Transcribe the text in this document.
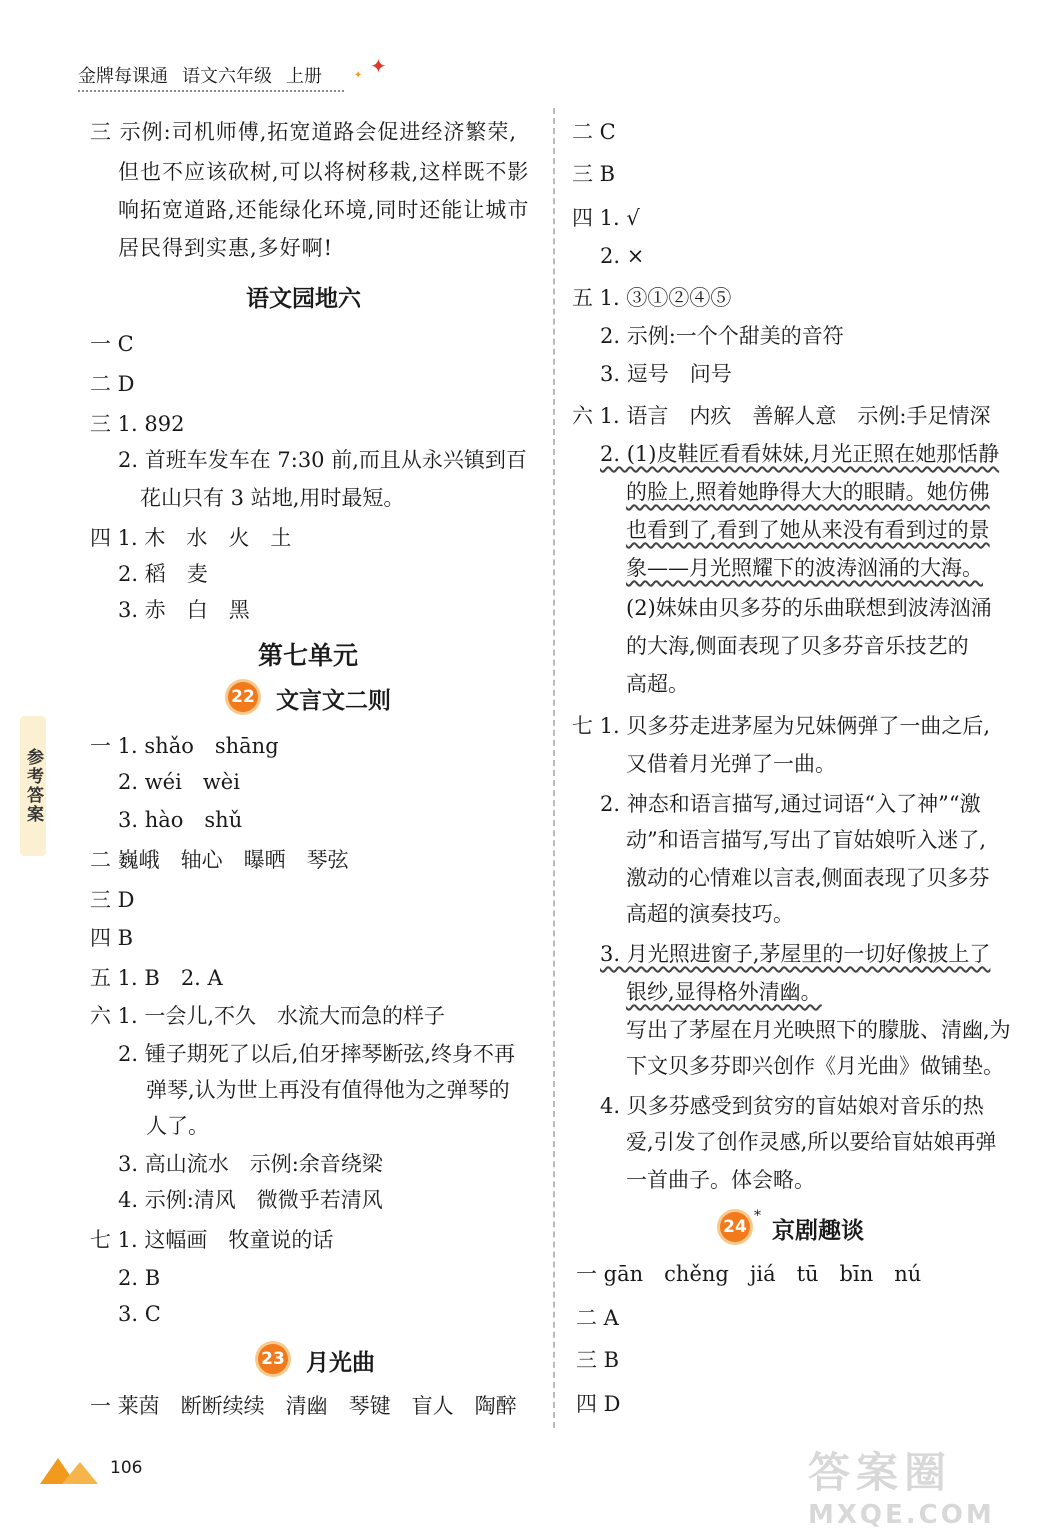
金牌每课通 语文六年级 上册	✦ ✦
参考答案
三 示例:司机师傅,拓宽道路会促进经济繁荣,
但也不应该砍树,可以将树移栽,这样既不影
响拓宽道路,还能绿化环境,同时还能让城市
居民得到实惠,多好啊!
语文园地六
一 C
二 D
三 1. 892
2. 首班车发车在 7:30 前,而且从永兴镇到百
花山只有 3 站地,用时最短。
四 1. 木　水　火　土
2. 稻　麦
3. 赤　白　黑
第七单元
22 文言文二则
一 1. shǎo　shāng
2. wéi　wèi
3. hào　shǔ
二 巍峨　轴心　曝晒　琴弦
三 D
四 B
五 1. B　2. A
六 1. 一会儿,不久　水流大而急的样子
2. 锺子期死了以后,伯牙摔琴断弦,终身不再
弹琴,认为世上再没有值得他为之弹琴的
人了。
3. 高山流水　示例:余音绕梁
4. 示例:清风　微微乎若清风
七 1. 这幅画　牧童说的话
2. B
3. C
23 月光曲
一 莱茵　断断续续　清幽　琴键　盲人　陶醉
二 C
三 B
四 1. √
2. ×
五 1. ③①②④⑤
2. 示例:一个个甜美的音符
3. 逗号　问号
六 1. 语言　内疚　善解人意　示例:手足情深
2. (1)皮鞋匠看看妹妹,月光正照在她那恬静
的脸上,照着她睁得大大的眼睛。她仿佛
也看到了,看到了她从来没有看到过的景
象——月光照耀下的波涛汹涌的大海。
(2)妹妹由贝多芬的乐曲联想到波涛汹涌
的大海,侧面表现了贝多芬音乐技艺的
高超。
七 1. 贝多芬走进茅屋为兄妹俩弹了一曲之后,
又借着月光弹了一曲。
2. 神态和语言描写,通过词语“入了神”“激
动”和语言描写,写出了盲姑娘听入迷了,
激动的心情难以言表,侧面表现了贝多芬
高超的演奏技巧。
3. 月光照进窗子,茅屋里的一切好像披上了
银纱,显得格外清幽。
写出了茅屋在月光映照下的朦胧、清幽,为
下文贝多芬即兴创作《月光曲》做铺垫。
4. 贝多芬感受到贫穷的盲姑娘对音乐的热
爱,引发了创作灵感,所以要给盲姑娘再弹
一首曲子。体会略。
24
*
京剧趣谈
一 gān　chěng　jiá　tū　bīn　nú
二 A
三 B
四 D
106	答案圈
MXQE.COM
